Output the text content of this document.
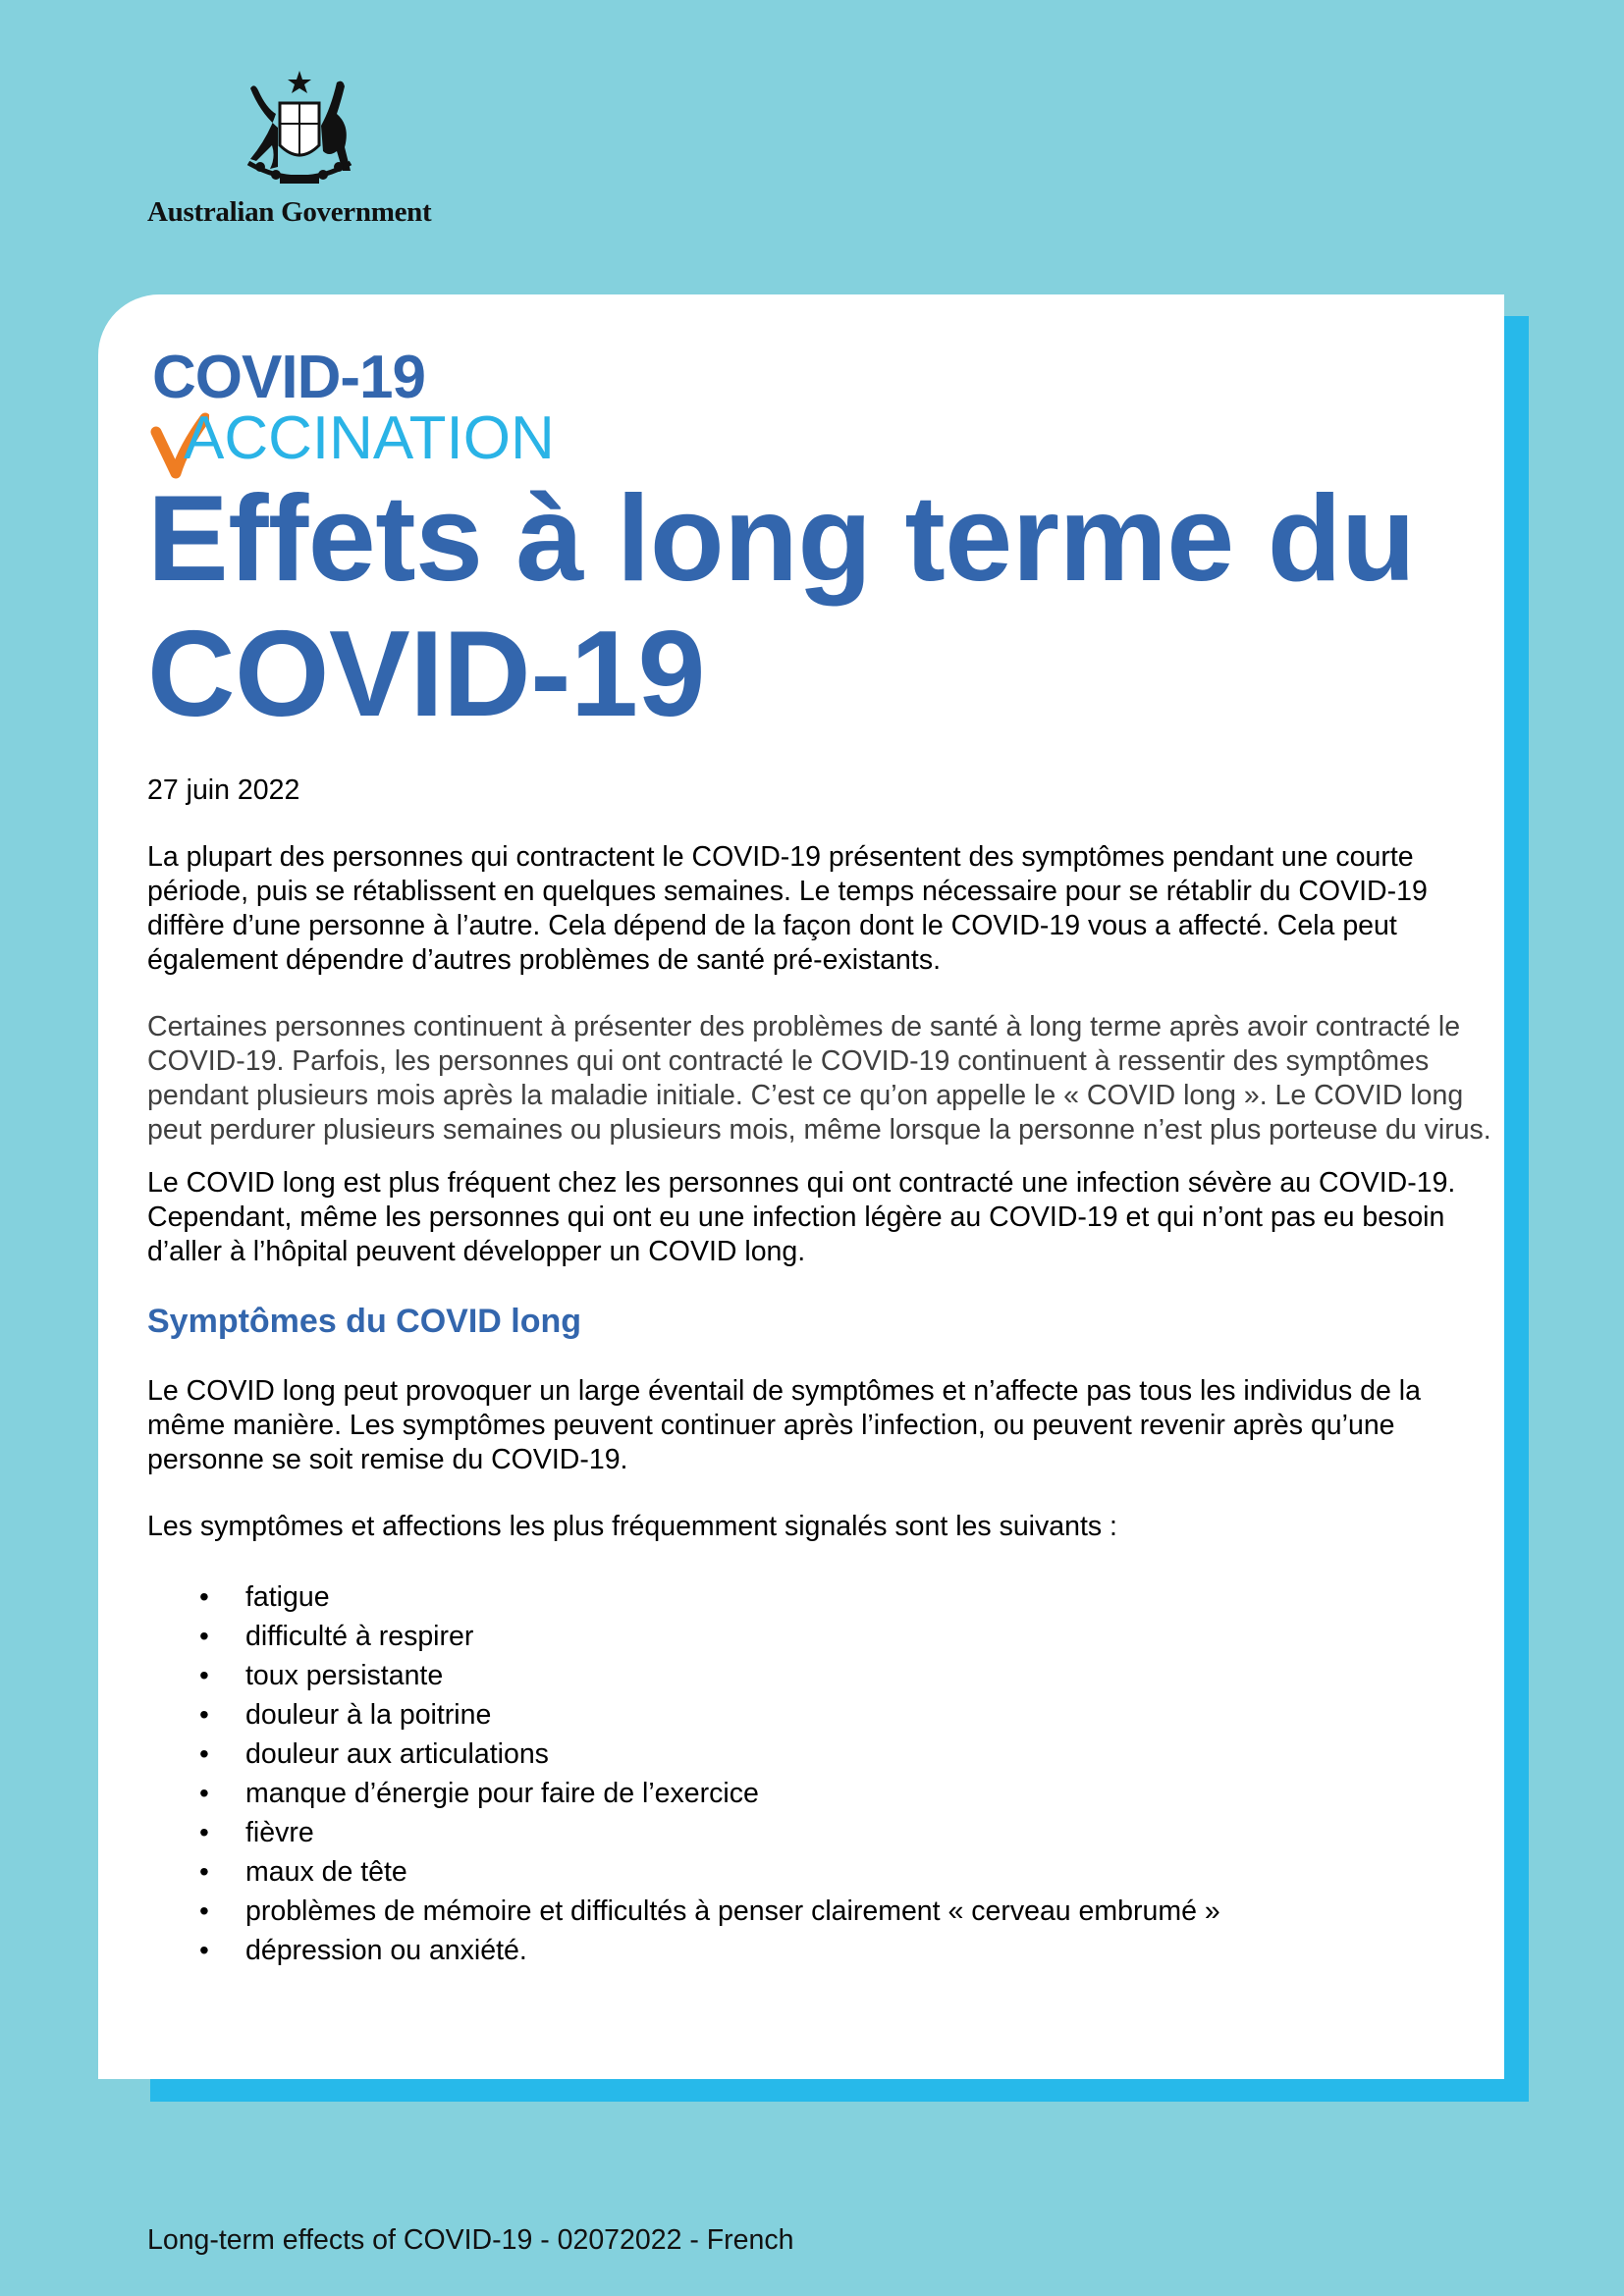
Australian Government
COVID-19
ACCINATION
Effets à long terme du
COVID-19

27 juin 2022

La plupart des personnes qui contractent le COVID-19 présentent des symptômes pendant une courte période, puis se rétablissent en quelques semaines. Le temps nécessaire pour se rétablir du COVID-19 diffère d’une personne à l’autre. Cela dépend de la façon dont le COVID-19 vous a affecté. Cela peut également dépendre d’autres problèmes de santé pré-existants.

Certaines personnes continuent à présenter des problèmes de santé à long terme après avoir contracté le COVID-19. Parfois, les personnes qui ont contracté le COVID-19 continuent à ressentir des symptômes pendant plusieurs mois après la maladie initiale. C’est ce qu’on appelle le « COVID long ». Le COVID long peut perdurer plusieurs semaines ou plusieurs mois, même lorsque la personne n’est plus porteuse du virus.

Le COVID long est plus fréquent chez les personnes qui ont contracté une infection sévère au COVID-19. Cependant, même les personnes qui ont eu une infection légère au COVID-19 et qui n’ont pas eu besoin d’aller à l’hôpital peuvent développer un COVID long.

Symptômes du COVID long

Le COVID long peut provoquer un large éventail de symptômes et n’affecte pas tous les individus de la même manière. Les symptômes peuvent continuer après l’infection, ou peuvent revenir après qu’une personne se soit remise du COVID-19.

Les symptômes et affections les plus fréquemment signalés sont les suivants :

• fatigue
• difficulté à respirer
• toux persistante
• douleur à la poitrine
• douleur aux articulations
• manque d’énergie pour faire de l’exercice
• fièvre
• maux de tête
• problèmes de mémoire et difficultés à penser clairement « cerveau embrumé »
• dépression ou anxiété.
Long-term effects of COVID-19 - 02072022 - French
